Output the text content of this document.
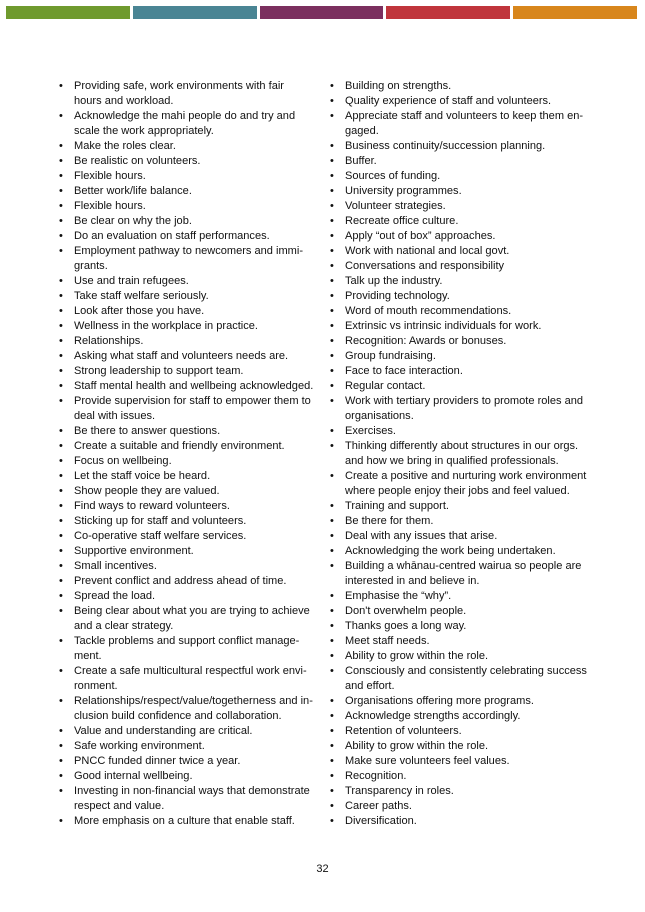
• Providing safe, work environments with fair hours and workload.
• Acknowledge the mahi people do and try and scale the work appropriately.
• Make the roles clear.
• Be realistic on volunteers.
• Flexible hours.
• Better work/life balance.
• Flexible hours.
• Be clear on why the job.
• Do an evaluation on staff performances.
• Employment pathway to newcomers and immi-grants.
• Use and train refugees.
• Take staff welfare seriously.
• Look after those you have.
• Wellness in the workplace in practice.
• Relationships.
• Asking what staff and volunteers needs are.
• Strong leadership to support team.
• Staff mental health and wellbeing acknowledged.
• Provide supervision for staff to empower them to deal with issues.
• Be there to answer questions.
• Create a suitable and friendly environment.
• Focus on wellbeing.
• Let the staff voice be heard.
• Show people they are valued.
• Find ways to reward volunteers.
• Sticking up for staff and volunteers.
• Co-operative staff welfare services.
• Supportive environment.
• Small incentives.
• Prevent conflict and address ahead of time.
• Spread the load.
• Being clear about what you are trying to achieve and a clear strategy.
• Tackle problems and support conflict manage-ment.
• Create a safe multicultural respectful work envi-ronment.
• Relationships/respect/value/togetherness and in-clusion build confidence and collaboration.
• Value and understanding are critical.
• Safe working environment.
• PNCC funded dinner twice a year.
• Good internal wellbeing.
• Investing in non-financial ways that demonstrate respect and value.
• More emphasis on a culture that enable staff.
• Building on strengths.
• Quality experience of staff and volunteers.
• Appreciate staff and volunteers to keep them en-gaged.
• Business continuity/succession planning.
• Buffer.
• Sources of funding.
• University programmes.
• Volunteer strategies.
• Recreate office culture.
• Apply “out of box” approaches.
• Work with national and local govt.
• Conversations and responsibility
• Talk up the industry.
• Providing technology.
• Word of mouth recommendations.
• Extrinsic vs intrinsic individuals for work.
• Recognition: Awards or bonuses.
• Group fundraising.
• Face to face interaction.
• Regular contact.
• Work with tertiary providers to promote roles and organisations.
• Exercises.
• Thinking differently about structures in our orgs. and how we bring in qualified professionals.
• Create a positive and nurturing work environment where people enjoy their jobs and feel valued.
• Training and support.
• Be there for them.
• Deal with any issues that arise.
• Acknowledging the work being undertaken.
• Building a whānau-centred wairua so people are interested in and believe in.
• Emphasise the “why”.
• Don't overwhelm people.
• Thanks goes a long way.
• Meet staff needs.
• Ability to grow within the role.
• Consciously and consistently celebrating success and effort.
• Organisations offering more programs.
• Acknowledge strengths accordingly.
• Retention of volunteers.
• Ability to grow within the role.
• Make sure volunteers feel values.
• Recognition.
• Transparency in roles.
• Career paths.
• Diversification.
32
